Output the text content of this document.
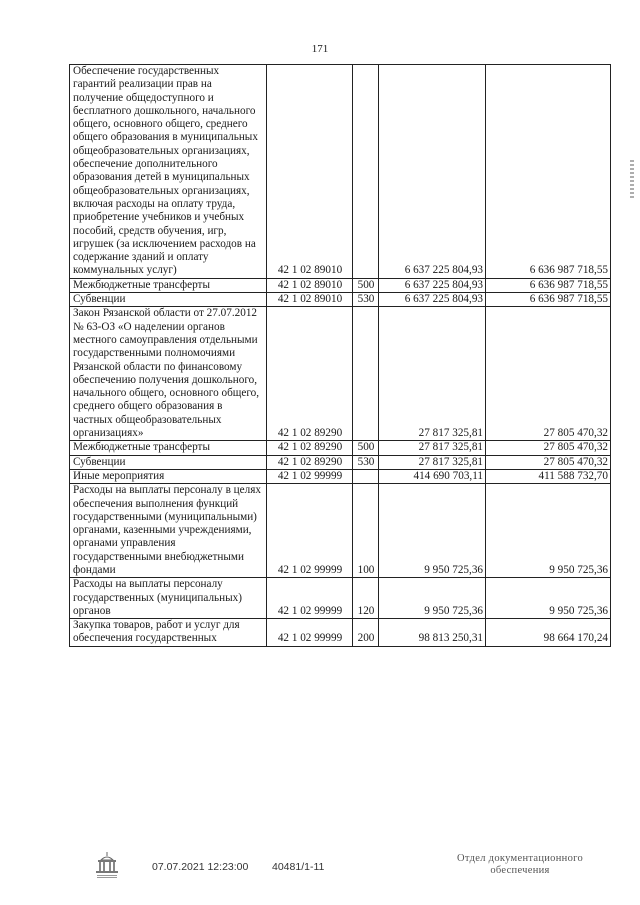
171
Обеспечение государственных гарантий реализации прав на получение общедоступного и бесплатного дошкольного, начального общего, основного общего, среднего общего образования в муниципальных общеобразовательных организациях, обеспечение дополнительного образования детей в муниципальных общеобразовательных организациях, включая расходы на оплату труда, приобретение учебников и учебных пособий, средств обучения, игр, игрушек (за исключением расходов на содержание зданий и оплату коммунальных услуг)	42 1 02 89010		6 637 225 804,93	6 636 987 718,55
Межбюджетные трансферты	42 1 02 89010	500	6 637 225 804,93	6 636 987 718,55
Субвенции	42 1 02 89010	530	6 637 225 804,93	6 636 987 718,55
Закон Рязанской области от 27.07.2012 № 63-ОЗ «О наделении органов местного самоуправления отдельными государственными полномочиями Рязанской области по финансовому обеспечению получения дошкольного, начального общего, основного общего, среднего общего образования в частных общеобразовательных организациях»	42 1 02 89290		27 817 325,81	27 805 470,32
Межбюджетные трансферты	42 1 02 89290	500	27 817 325,81	27 805 470,32
Субвенции	42 1 02 89290	530	27 817 325,81	27 805 470,32
Иные мероприятия	42 1 02 99999		414 690 703,11	411 588 732,70
Расходы на выплаты персоналу в целях обеспечения выполнения функций государственными (муниципальными) органами, казенными учреждениями, органами управления государственными внебюджетными фондами	42 1 02 99999	100	9 950 725,36	9 950 725,36
Расходы на выплаты персоналу государственных (муниципальных) органов	42 1 02 99999	120	9 950 725,36	9 950 725,36
Закупка товаров, работ и услуг для обеспечения государственных	42 1 02 99999	200	98 813 250,31	98 664 170,24
07.07.2021 12:23:00 40481/1-11
Отдел документационного
обеспечения
